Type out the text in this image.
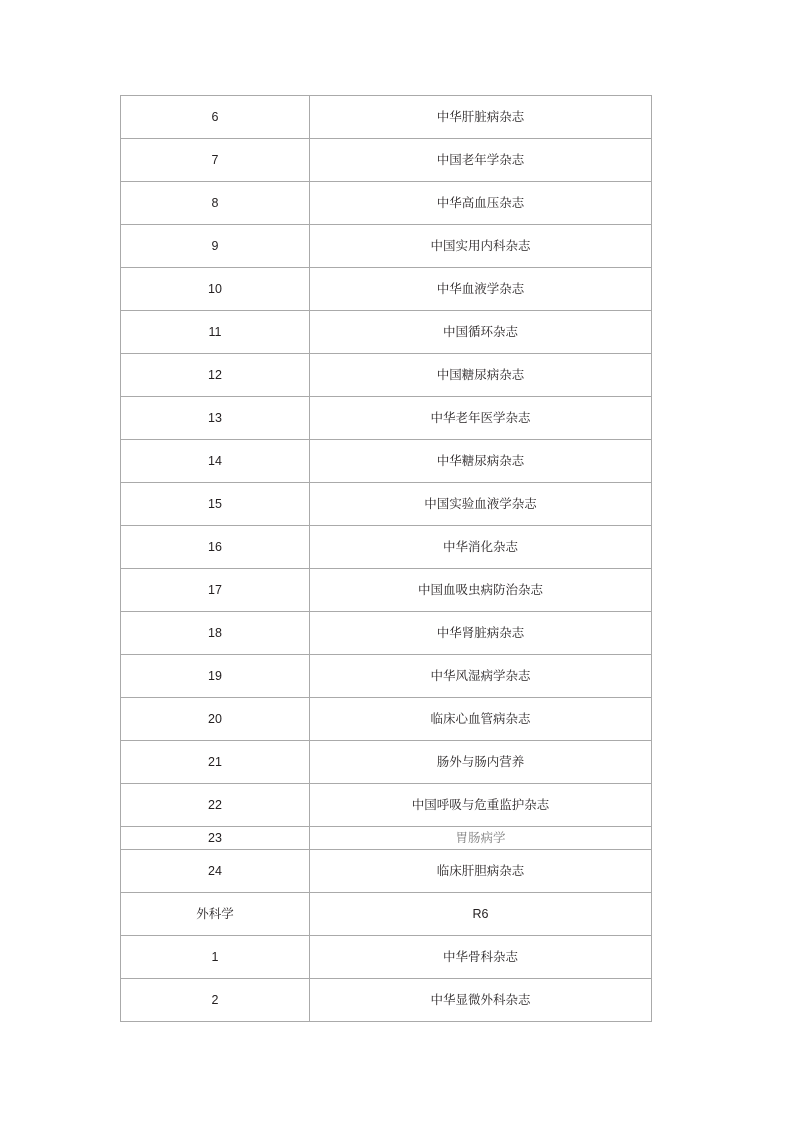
6	中华肝脏病杂志
7	中国老年学杂志
8	中华高血压杂志
9	中国实用内科杂志
10	中华血液学杂志
11	中国循环杂志
12	中国糖尿病杂志
13	中华老年医学杂志
14	中华糖尿病杂志
15	中国实验血液学杂志
16	中华消化杂志
17	中国血吸虫病防治杂志
18	中华肾脏病杂志
19	中华风湿病学杂志
20	临床心血管病杂志
21	肠外与肠内营养
22	中国呼吸与危重监护杂志
23	胃肠病学
24	临床肝胆病杂志
外科学	R6
1	中华骨科杂志
2	中华显微外科杂志
